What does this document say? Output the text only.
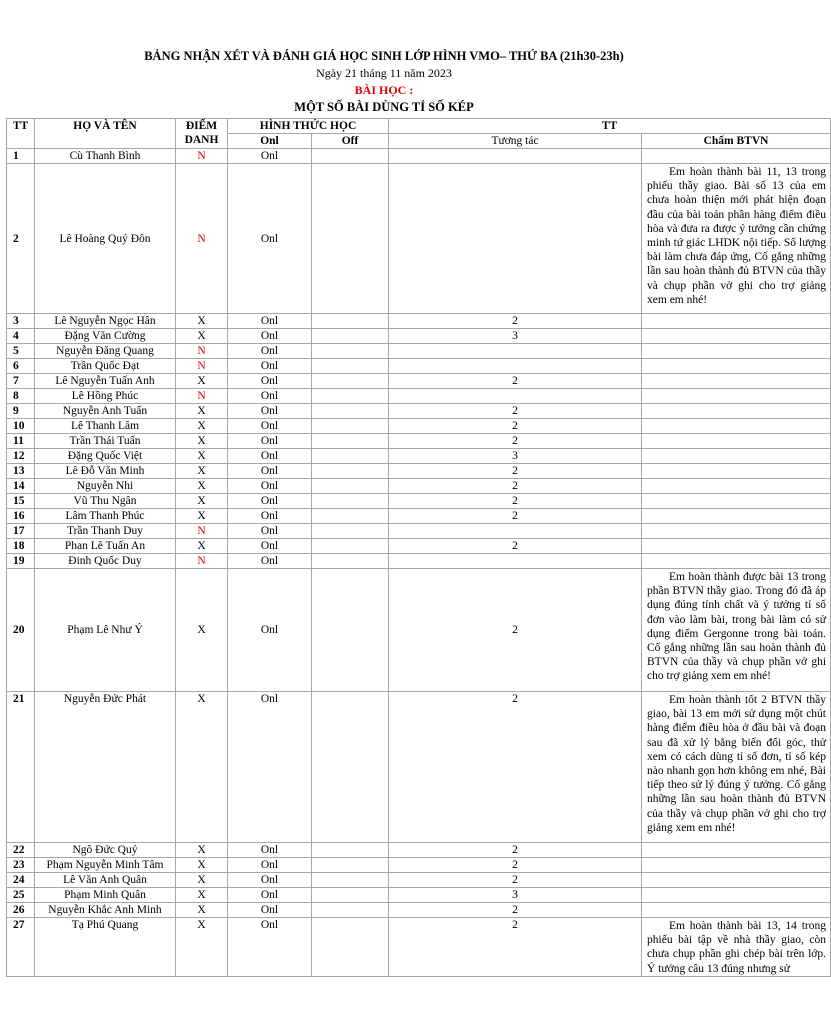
BẢNG NHẬN XÉT VÀ ĐÁNH GIÁ HỌC SINH LỚP HÌNH VMO– THỨ BA (21h30-23h)
Ngày 21 tháng 11 năm 2023
BÀI HỌC :
MỘT SỐ BÀI DÙNG TỈ SỐ KÉP
TT	HỌ VÀ TÊN	ĐIỂM DANH	HÌNH THỨC HỌC		TT	
			Onl	Off	Tương tác	Chấm BTVN
1	Cù Thanh Bình	N	Onl			
2	Lê Hoàng Quý Đôn	N	Onl			Em hoàn thành bài 11, 13 trong phiếu thầy giao. Bài số 13 của em chưa hoàn thiện mới phát hiện đoạn đầu của bài toán phần hàng điểm điều hòa và đưa ra được ý tưởng cần chứng minh tứ giác LHDK nội tiếp. Số lượng bài làm chưa đáp ứng, Cố gắng những lần sau hoàn thành đủ BTVN của thầy và chụp phần vở ghi cho trợ giảng xem em nhé!
3	Lê Nguyễn Ngọc Hân	X	Onl		2	
4	Đặng Văn Cường	X	Onl		3	
5	Nguyễn Đăng Quang	N	Onl			
6	Trần Quốc Đạt	N	Onl			
7	Lê Nguyễn Tuấn Anh	X	Onl		2	
8	Lê Hồng Phúc	N	Onl			
9	Nguyễn Anh Tuấn	X	Onl		2	
10	Lê Thanh Lâm	X	Onl		2	
11	Trần Thái Tuấn	X	Onl		2	
12	Đặng Quốc Việt	X	Onl		3	
13	Lê Đỗ Văn Minh	X	Onl		2	
14	Nguyễn Nhi	X	Onl		2	
15	Vũ Thu Ngân	X	Onl		2	
16	Lâm Thanh Phúc	X	Onl		2	
17	Trần Thanh Duy	N	Onl			
18	Phan Lê Tuấn An	X	Onl		2	
19	Đinh Quốc Duy	N	Onl			
20	Phạm Lê Như Ý	X	Onl		2	Em hoàn thành được bài 13 trong phần BTVN thầy giao. Trong đó đã áp dụng đúng tính chất và ý tưởng tỉ số đơn vào làm bài, trong bài làm có sử dụng điểm Gergonne trong bài toán. Cố gắng những lần sau hoàn thành đủ BTVN của thầy và chụp phần vở ghi cho trợ giảng xem em nhé!
21	Nguyễn Đức Phát	X	Onl		2	Em hoàn thành tốt 2 BTVN thầy giao, bài 13 em mới sử dụng một chút hàng điểm điều hòa ở đầu bài và đoạn sau đã xử lý bằng biến đổi góc, thử xem có cách dùng tỉ số đơn, tỉ số kép nào nhanh gọn hơn không em nhé, Bài tiếp theo sử lý đúng ý tưởng. Cố gắng những lần sau hoàn thành đủ BTVN của thầy và chụp phần vở ghi cho trợ giảng xem em nhé!
22	Ngô Đức Quý	X	Onl		2	
23	Phạm Nguyễn Minh Tâm	X	Onl		2	
24	Lê Văn Anh Quân	X	Onl		2	
25	Phạm Minh Quân	X	Onl		3	
26	Nguyễn Khắc Anh Minh	X	Onl		2	
27	Tạ Phú Quang	X	Onl		2	Em hoàn thành bài 13, 14 trong phiếu bài tập về nhà thầy giao, còn chưa chụp phần ghi chép bài trên lớp. Ý tưởng câu 13 đúng nhưng sử
